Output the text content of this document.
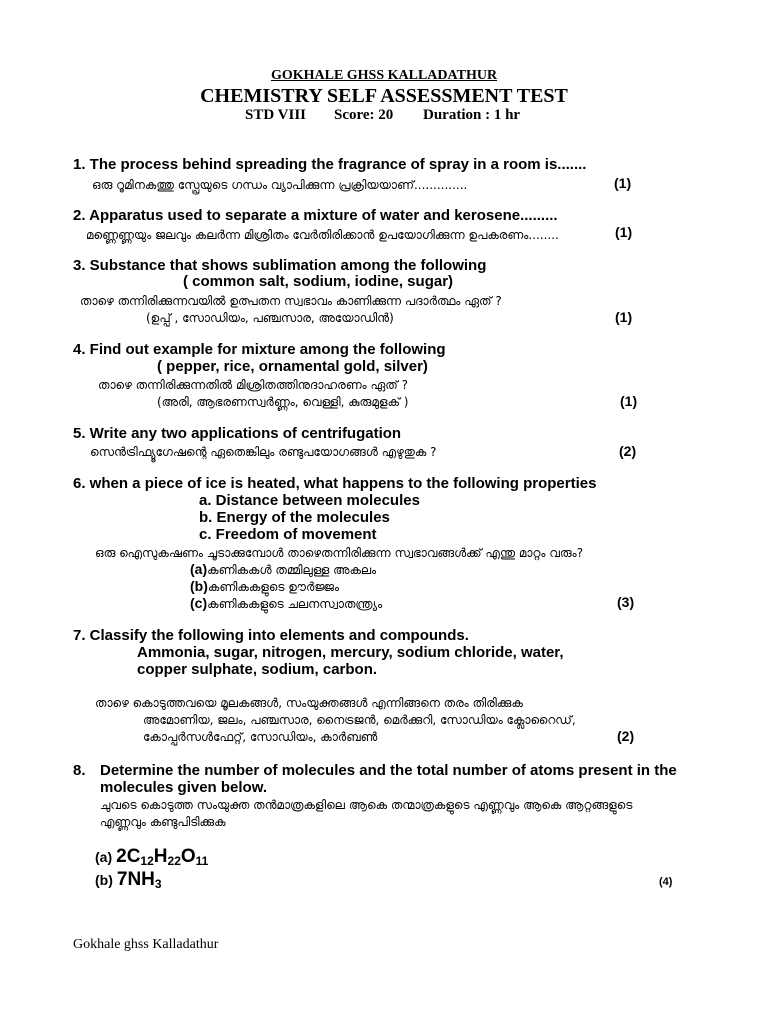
GOKHALE GHSS KALLADATHUR
CHEMISTRY SELF ASSESSMENT TEST
STD VIII Score: 20 Duration : 1 hr
1. The process behind spreading the fragrance of spray in a room is.......
ഒരു റൂമിനകത്തു സ്പ്രേയുടെ ഗന്ധം വ്യാപിക്കുന്ന പ്രക്രിയയാണ്..............	(1)
2. Apparatus used to separate a mixture of water and kerosene.........
മണ്ണെണ്ണയും ജലവും കലർന്ന മിശ്രിതം വേർതിരിക്കാൻ ഉപയോഗിക്കുന്ന ഉപകരണം........	(1)
3. Substance that shows sublimation among the following
( common salt, sodium, iodine, sugar)
താഴെ തന്നിരിക്കുന്നവയിൽ ഉത്പതന സ്വഭാവം കാണിക്കുന്ന പദാർത്ഥം ഏത് ?
(ഉപ്പ് , സോഡിയം, പഞ്ചസാര, അയോഡിൻ)	(1)
4. Find out example for mixture among the following
( pepper, rice, ornamental gold, silver)
താഴെ തന്നിരിക്കുന്നതിൽ മിശ്രിതത്തിനുദാഹരണം ഏത് ?
(അരി, ആഭരണസ്വർണ്ണം, വെള്ളി, കുരുമുളക് )	(1)
5. Write any two applications of centrifugation
സെൻട്രിഫ്യൂഗേഷന്റെ ഏതെങ്കിലും രണ്ടുപയോഗങ്ങൾ എഴുതുക ?	(2)
6. when a piece of ice is heated, what happens to the following properties
a. Distance between molecules
b. Energy of the molecules
c. Freedom of movement
ഒരു ഐസുകഷണം ചൂടാക്കുമ്പോൾ താഴെതന്നിരിക്കുന്ന സ്വഭാവങ്ങൾക്ക് എന്തു മാറ്റം വരും?
(a)കണികകൾ തമ്മിലുള്ള അകലം
(b)കണികകളുടെ ഊർജ്ജം
(c)കണികകളുടെ ചലനസ്വാതന്ത്ര്യം	(3)
7. Classify the following into elements and compounds.
Ammonia, sugar, nitrogen, mercury, sodium chloride, water,
copper sulphate, sodium, carbon.
താഴെ കൊടുത്തവയെ മൂലകങ്ങൾ, സംയുക്തങ്ങൾ എന്നിങ്ങനെ തരം തിരിക്കുക
അമോണിയ, ജലം, പഞ്ചസാര, നൈട്രജൻ, മെർക്കുറി, സോഡിയം ക്ലോറൈഡ്,
കോപ്പർസൾഫേറ്റ്, സോഡിയം, കാർബൺ	(2)
8. Determine the number of molecules and the total number of atoms present in the
molecules given below.
ചുവടെ കൊടുത്ത സംയുക്ത തൻമാത്രകളിലെ ആകെ തന്മാത്രകളുടെ എണ്ണവും ആകെ ആറ്റങ്ങളുടെ
എണ്ണവും കണ്ടുപിടിക്കുക
(a) $2C_{12}H_{22}O_{11}$
(b) $7NH_3$	(4)
Gokhale ghss Kalladathur
